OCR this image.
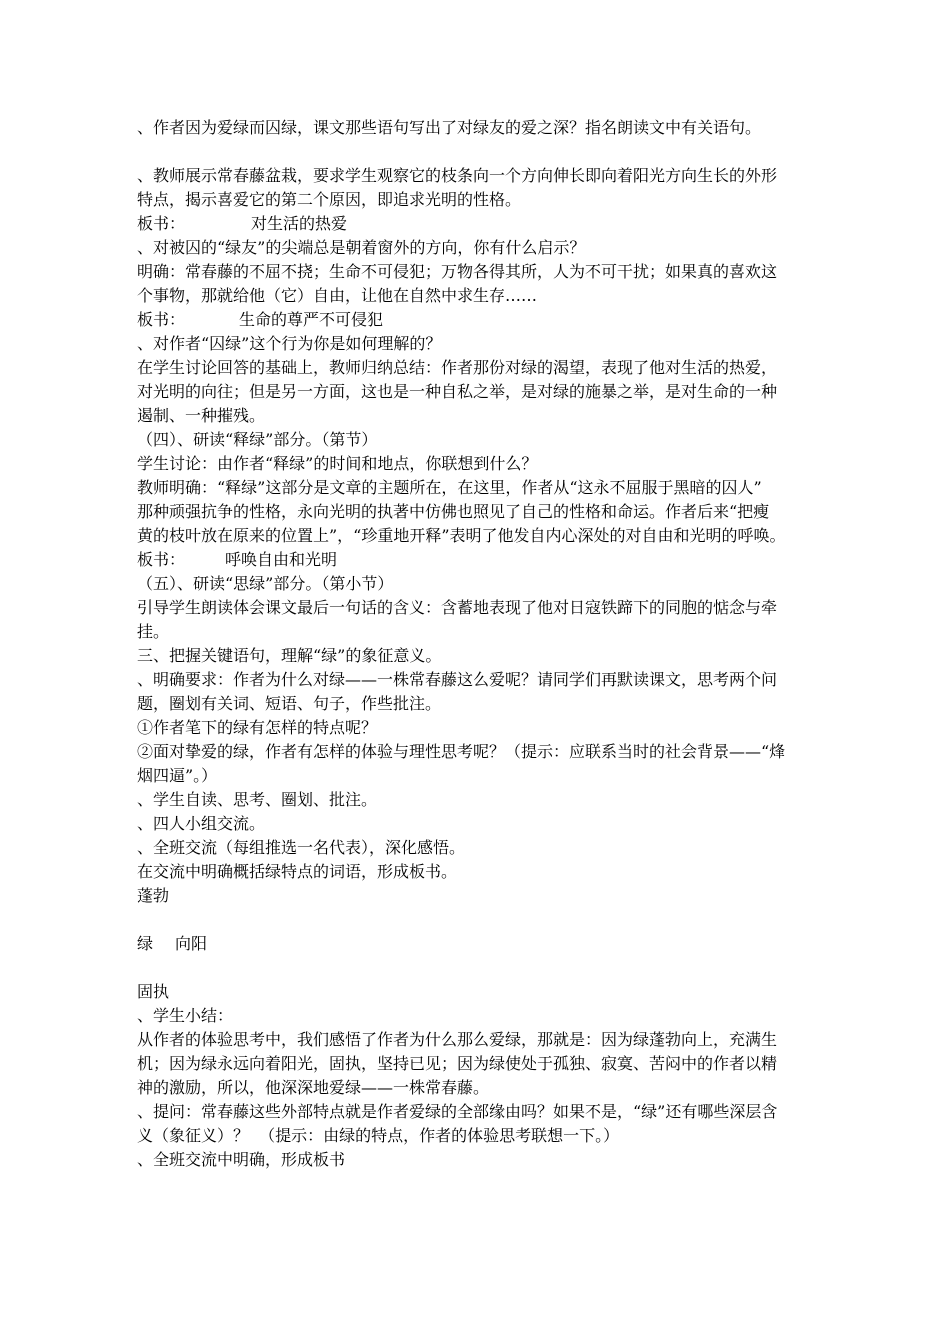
、作者因为爱绿而囚绿，课文那些语句写出了对绿友的爱之深？指名朗读文中有关语句。
、教师展示常春藤盆栽，要求学生观察它的枝条向一个方向伸长即向着阳光方向生长的外形
特点，揭示喜爱它的第二个原因，即追求光明的性格。
板书：	对生活的热爱
、对被囚的“绿友”的尖端总是朝着窗外的方向，你有什么启示？
明确：常春藤的不屈不挠；生命不可侵犯；万物各得其所，人为不可干扰；如果真的喜欢这
个事物，那就给他（它）自由，让他在自然中求生存……
板书：	生命的尊严不可侵犯
、对作者“囚绿”这个行为你是如何理解的？
在学生讨论回答的基础上，教师归纳总结：作者那份对绿的渴望，表现了他对生活的热爱，
对光明的向往；但是另一方面，这也是一种自私之举，是对绿的施暴之举，是对生命的一种
遏制、一种摧残。
（四）、研读“释绿”部分。（第节）
学生讨论：由作者“释绿”的时间和地点，你联想到什么？
教师明确：“释绿”这部分是文章的主题所在，在这里，作者从“这永不屈服于黑暗的囚人”
那种顽强抗争的性格，永向光明的执著中仿佛也照见了自己的性格和命运。作者后来“把瘦
黄的枝叶放在原来的位置上”，“珍重地开释”表明了他发自内心深处的对自由和光明的呼唤。
板书：	呼唤自由和光明
（五）、研读“思绿”部分。（第小节）
引导学生朗读体会课文最后一句话的含义：含蓄地表现了他对日寇铁蹄下的同胞的惦念与牵
挂。
三、把握关键语句，理解“绿”的象征意义。
、明确要求：作者为什么对绿——一株常春藤这么爱呢？请同学们再默读课文，思考两个问
题，圈划有关词、短语、句子，作些批注。
①作者笔下的绿有怎样的特点呢？
②面对挚爱的绿，作者有怎样的体验与理性思考呢？（提示：应联系当时的社会背景——“烽
烟四逼”。）
、学生自读、思考、圈划、批注。
、四人小组交流。
、全班交流（每组推选一名代表），深化感悟。
在交流中明确概括绿特点的词语，形成板书。
蓬勃
绿 向阳
固执
、学生小结：
从作者的体验思考中，我们感悟了作者为什么那么爱绿，那就是：因为绿蓬勃向上，充满生
机；因为绿永远向着阳光，固执，坚持已见；因为绿使处于孤独、寂寞、苦闷中的作者以精
神的激励，所以，他深深地爱绿——一株常春藤。
、提问：常春藤这些外部特点就是作者爱绿的全部缘由吗？如果不是，“绿”还有哪些深层含
义（象征义）？  （提示：由绿的特点，作者的体验思考联想一下。）
、全班交流中明确，形成板书
